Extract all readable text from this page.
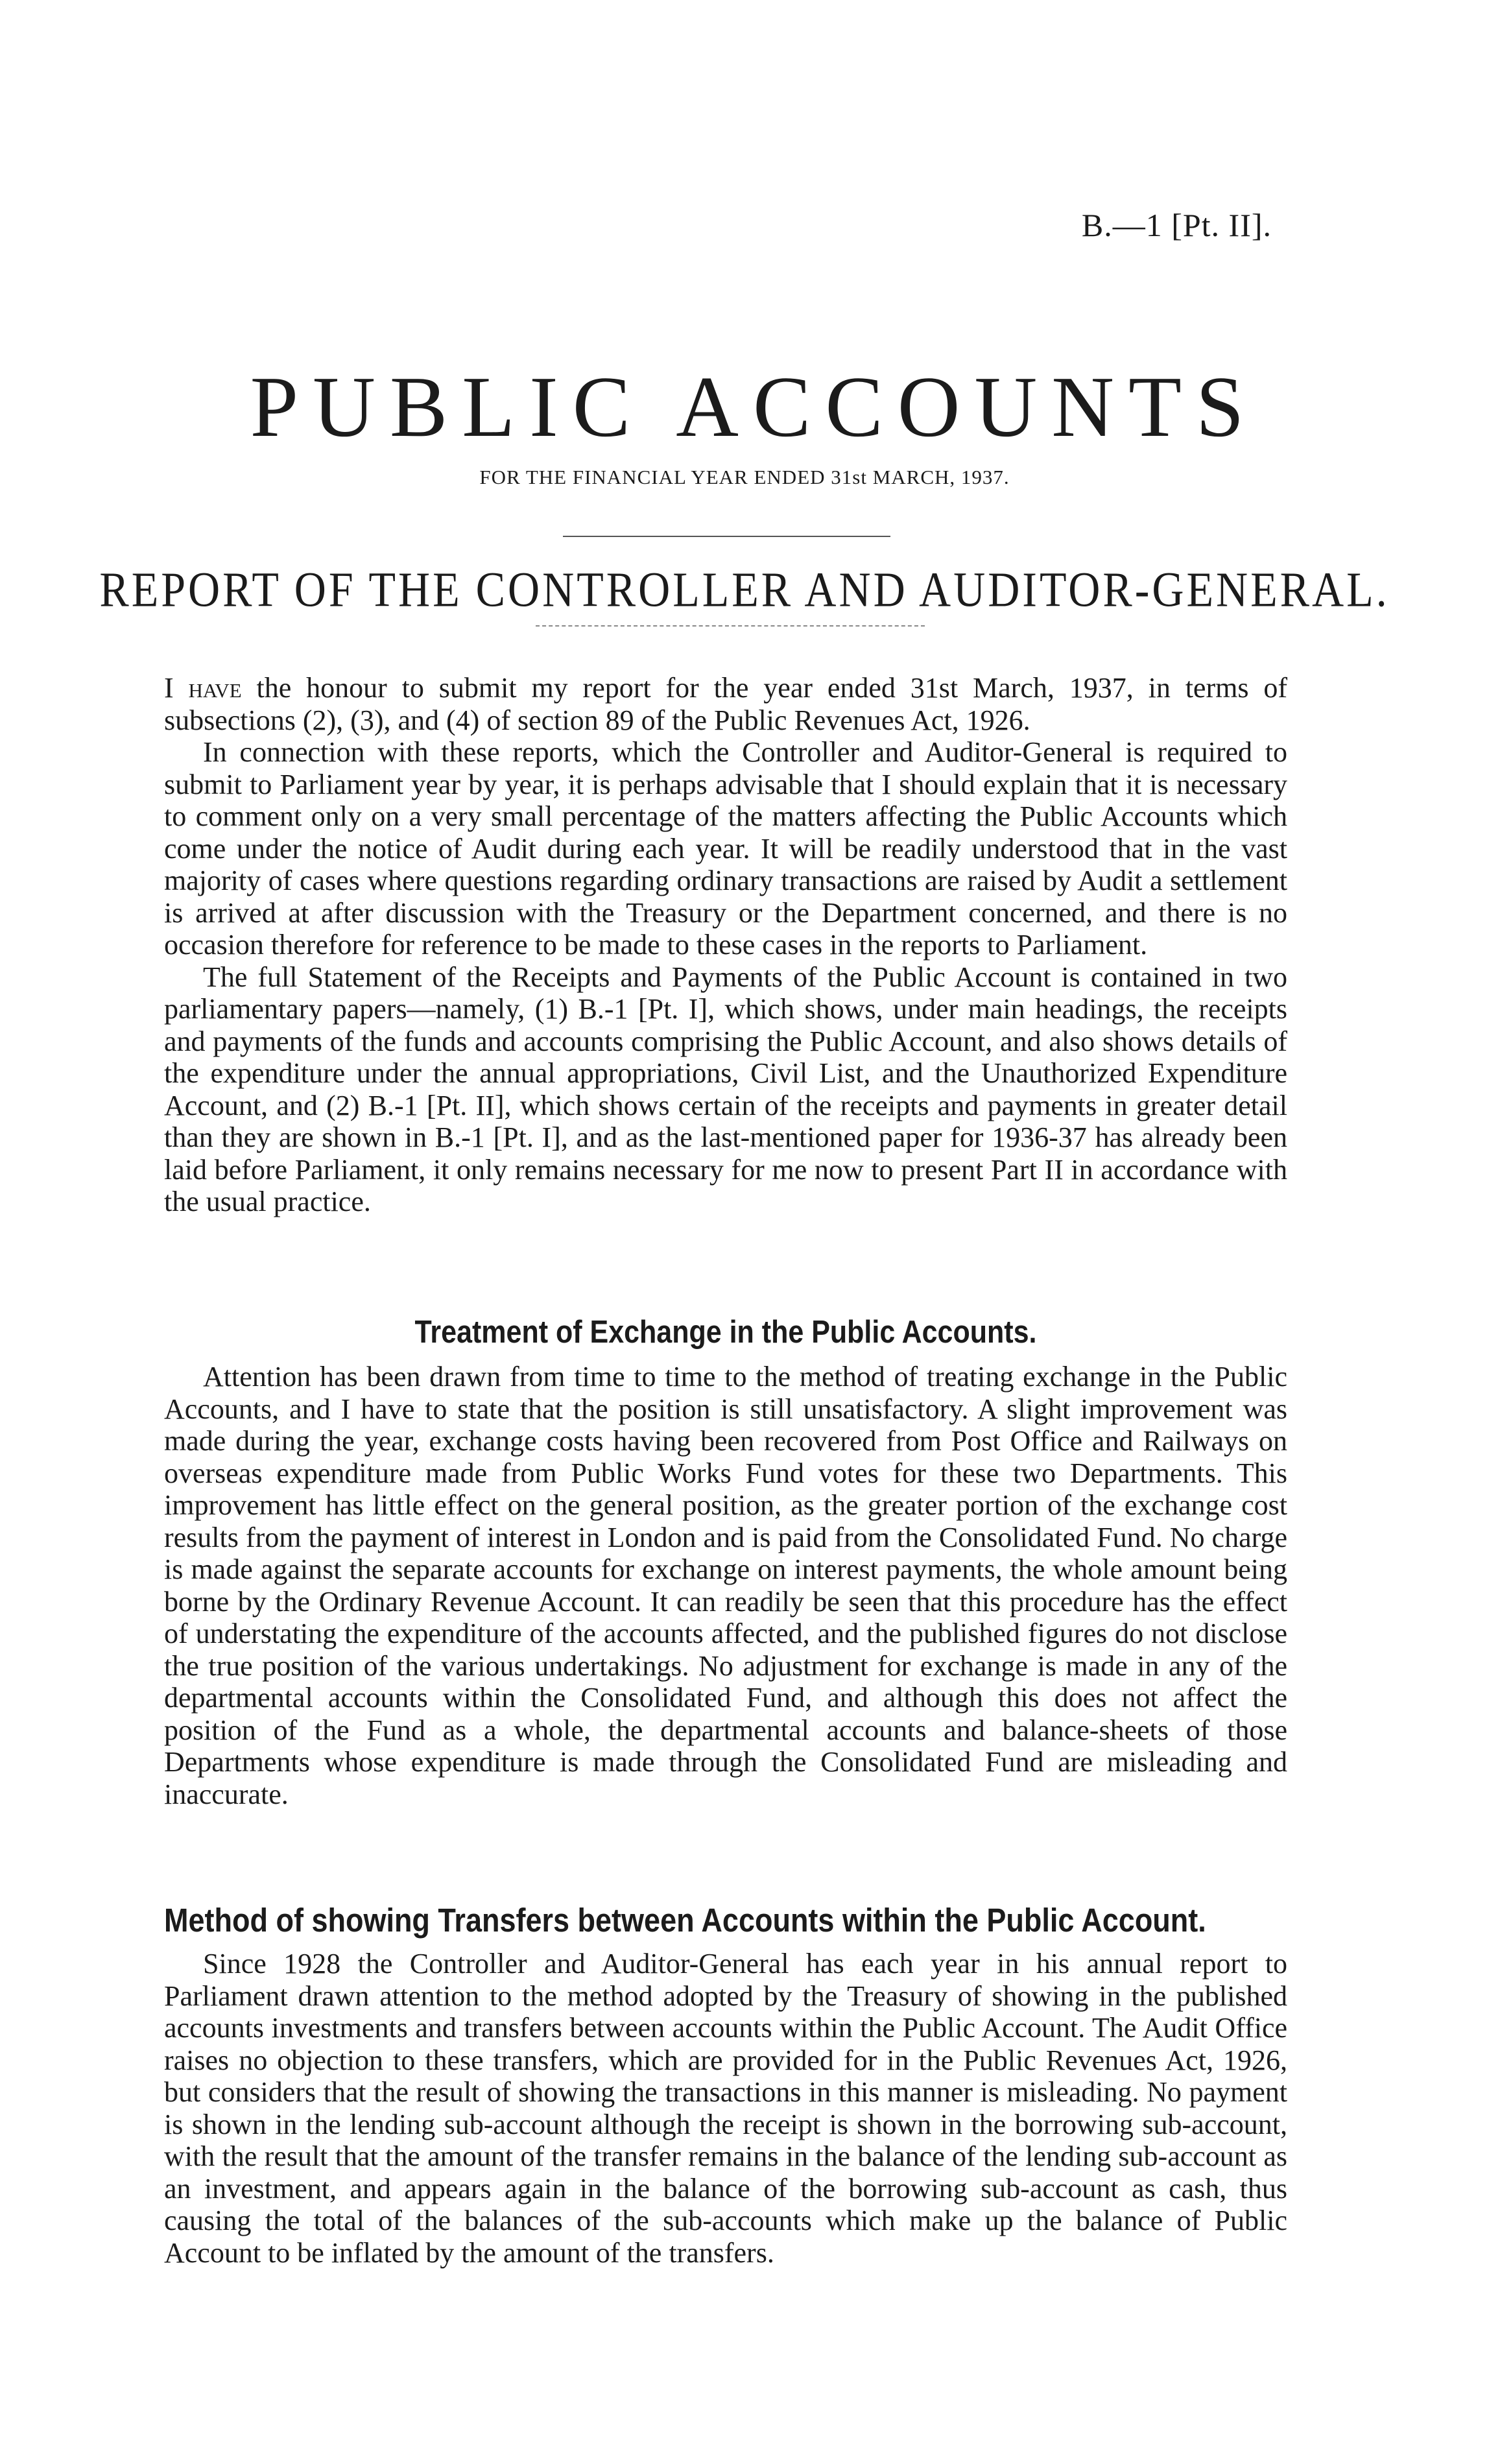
B.—1 [Pt. II].
PUBLIC ACCOUNTS
FOR THE FINANCIAL YEAR ENDED 31st MARCH, 1937.
REPORT OF THE CONTROLLER AND AUDITOR-GENERAL.

I have the honour to submit my report for the year ended 31st March, 1937, in terms of subsections (2), (3), and (4) of section 89 of the Public Revenues Act, 1926.

In connection with these reports, which the Controller and Auditor-General is required to submit to Parliament year by year, it is perhaps advisable that I should explain that it is necessary to comment only on a very small percentage of the matters affecting the Public Accounts which come under the notice of Audit during each year. It will be readily understood that in the vast majority of cases where questions regarding ordinary transactions are raised by Audit a settlement is arrived at after discussion with the Treasury or the Department concerned, and there is no occasion therefore for reference to be made to these cases in the reports to Parliament.

The full Statement of the Receipts and Payments of the Public Account is contained in two parliamentary papers—namely, (1) B.-1 [Pt. I], which shows, under main headings, the receipts and payments of the funds and accounts comprising the Public Account, and also shows details of the expenditure under the annual appropriations, Civil List, and the Unauthorized Expenditure Account, and (2) B.-1 [Pt. II], which shows certain of the receipts and payments in greater detail than they are shown in B.-1 [Pt. I], and as the last-mentioned paper for 1936-37 has already been laid before Parliament, it only remains necessary for me now to present Part II in accordance with the usual practice.

Treatment of Exchange in the Public Accounts.

Attention has been drawn from time to time to the method of treating exchange in the Public Accounts, and I have to state that the position is still unsatisfactory. A slight improvement was made during the year, exchange costs having been recovered from Post Office and Railways on overseas expenditure made from Public Works Fund votes for these two Departments. This improvement has little effect on the general position, as the greater portion of the exchange cost results from the payment of interest in London and is paid from the Consolidated Fund. No charge is made against the separate accounts for exchange on interest payments, the whole amount being borne by the Ordinary Revenue Account. It can readily be seen that this procedure has the effect of understating the expenditure of the accounts affected, and the published figures do not disclose the true position of the various undertakings. No adjustment for exchange is made in any of the departmental accounts within the Consolidated Fund, and although this does not affect the position of the Fund as a whole, the departmental accounts and balance-sheets of those Departments whose expenditure is made through the Consolidated Fund are misleading and inaccurate.

Method of showing Transfers between Accounts within the Public Account.

Since 1928 the Controller and Auditor-General has each year in his annual report to Parliament drawn attention to the method adopted by the Treasury of showing in the published accounts investments and transfers between accounts within the Public Account. The Audit Office raises no objection to these transfers, which are provided for in the Public Revenues Act, 1926, but considers that the result of showing the transactions in this manner is misleading. No payment is shown in the lending sub-account although the receipt is shown in the borrowing sub-account, with the result that the amount of the transfer remains in the balance of the lending sub-account as an investment, and appears again in the balance of the borrowing sub-account as cash, thus causing the total of the balances of the sub-accounts which make up the balance of Public Account to be inflated by the amount of the transfers.
